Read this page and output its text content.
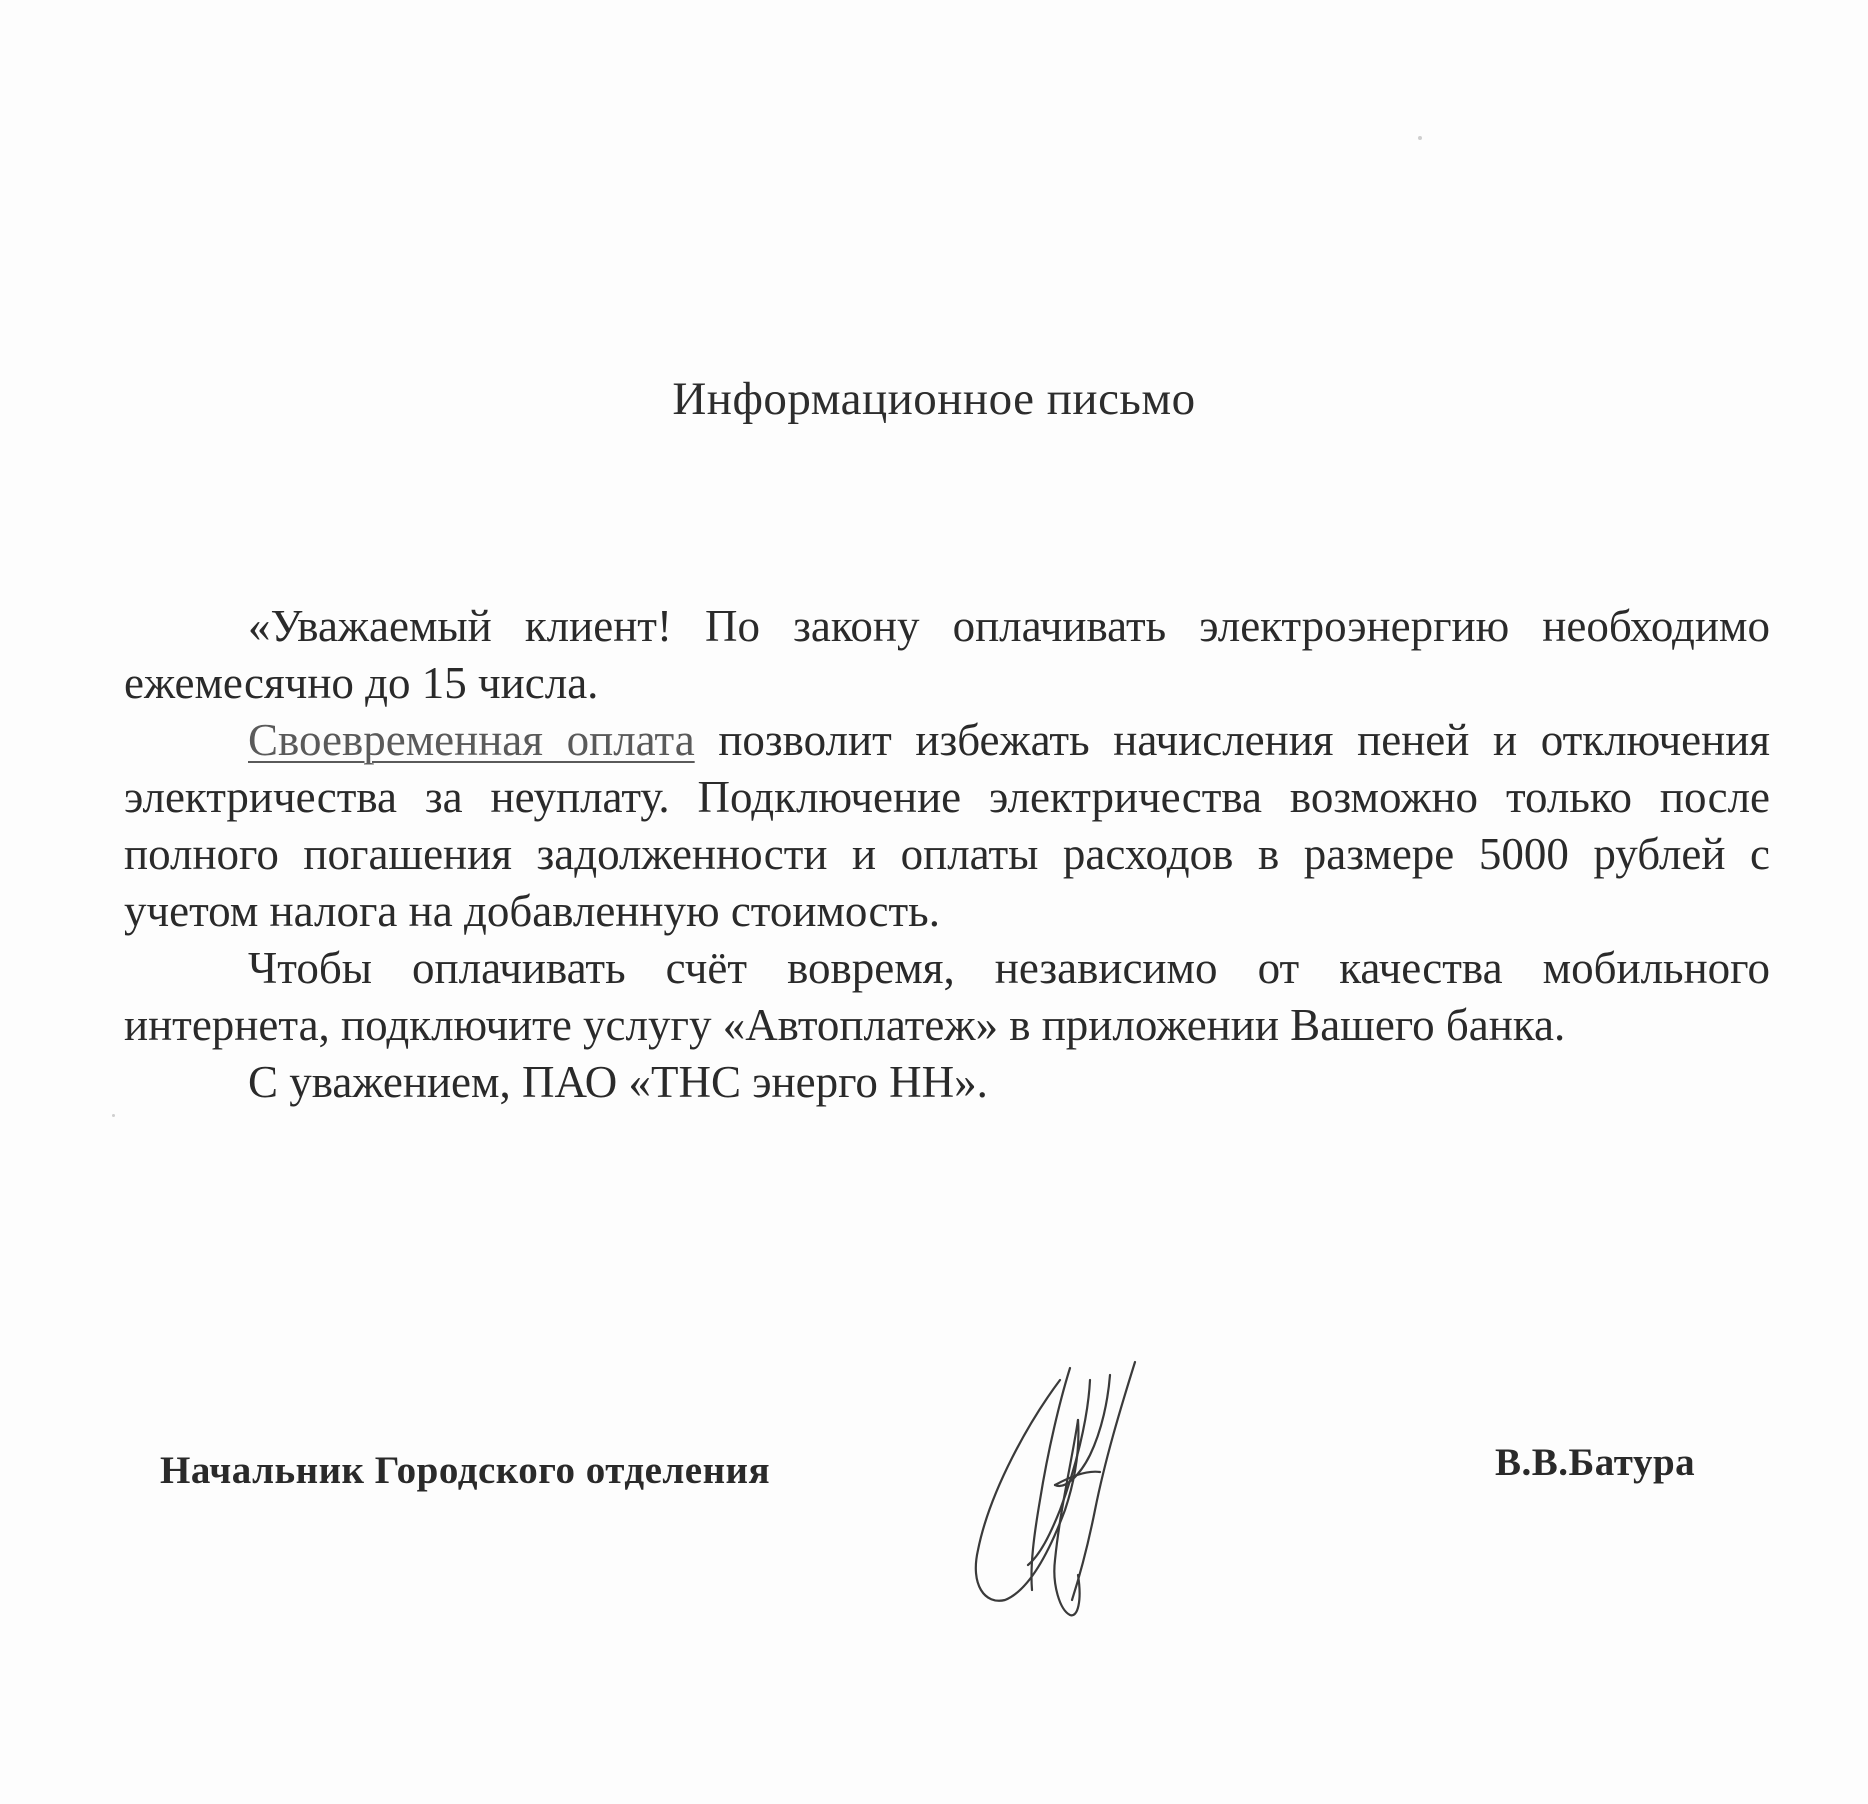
Информационное письмо

«Уважаемый клиент! По закону оплачивать электроэнергию необходимо ежемесячно до 15 числа.

Своевременная оплата позволит избежать начисления пеней и отключения электричества за неуплату. Подключение электричества возможно только после полного погашения задолженности и оплаты расходов в размере 5000 рублей с учетом налога на добавленную стоимость.

Чтобы оплачивать счёт вовремя, независимо от качества мобильного интернета, подключите услугу «Автоплатеж» в приложении Вашего банка.

С уважением, ПАО «ТНС энерго НН».

Начальник Городского отделения	В.В.Батура
